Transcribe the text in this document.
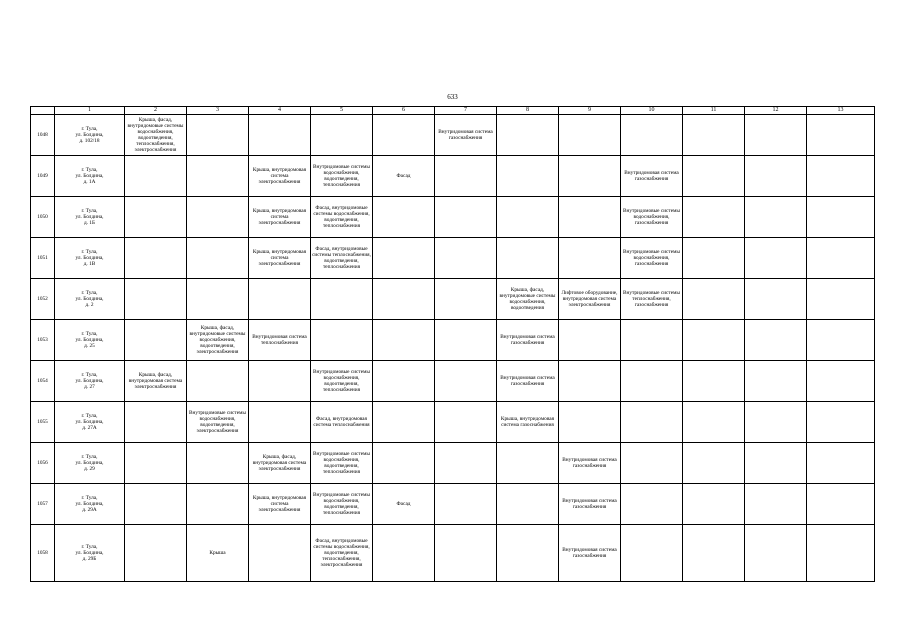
633
	1	2	3	4	5	6	7	8	9	10	11	12	13
1048	г. Тула,
ул. Болдина,
д. 102/18	Крыша, фасад, внутридомовые системы водоснабжения, водоотведения, теплоснабжения, электроснабжения					Внутридомовая система газоснабжения						
1049	г. Тула,
ул. Болдина,
д. 1А			Крыша, внутридомовая система электроснабжения	Внутридомовые системы водоснабжения, водоотведения, теплоснабжения	Фасад				Внутридомовая система газоснабжения			
1050	г. Тула,
ул. Болдина,
д. 1Б			Крыша, внутридомовая система электроснабжения	Фасад, внутридомовые системы водоснабжения, водоотведения, теплоснабжения					Внутридомовые системы водоснабжения, газоснабжения			
1051	г. Тула,
ул. Болдина,
д. 1В			Крыша, внутридомовая система электроснабжения	Фасад, внутридомовые системы теплоснабжения, водоотведения, теплоснабжения					Внутридомовые системы водоснабжения, газоснабжения			
1052	г. Тула,
ул. Болдина,
д. 2							Крыша, фасад, внутридомовые системы водоснабжения, водоотведения	Лифтовое оборудование, внутридомовая система электроснабжения	Внутридомовые системы теплоснабжения, газоснабжения			
1053	г. Тула,
ул. Болдина,
д. 25		Крыша, фасад, внутридомовые системы водоснабжения, водоотведения, электроснабжения	Внутридомовая система теплоснабжения				Внутридомовая система газоснабжения					
1054	г. Тула,
ул. Болдина,
д. 27	Крыша, фасад, внутридомовая система электроснабжения			Внутридомовые системы водоснабжения, водоотведения, теплоснабжения			Внутридомовая система газоснабжения					
1055	г. Тула,
ул. Болдина,
д. 27А		Внутридомовые системы водоснабжения, водоотведения, электроснабжения		Фасад, внутридомовая система теплоснабжения			Крыша, внутридомовая система газоснабжения					
1056	г. Тула,
ул. Болдина,
д. 29			Крыша, фасад, внутридомовая система электроснабжения	Внутридомовые системы водоснабжения, водоотведения, теплоснабжения				Внутридомовая система газоснабжения				
1057	г. Тула,
ул. Болдина,
д. 29А			Крыша, внутридомовая система электроснабжения	Внутридомовые системы водоснабжения, водоотведения, теплоснабжения	Фасад			Внутридомовая система газоснабжения				
1058	г. Тула,
ул. Болдина,
д. 29Б		Крыша		Фасад, внутридомовые системы водоснабжения, водоотведения, теплоснабжения, электроснабжения				Внутридомовая система газоснабжения				
